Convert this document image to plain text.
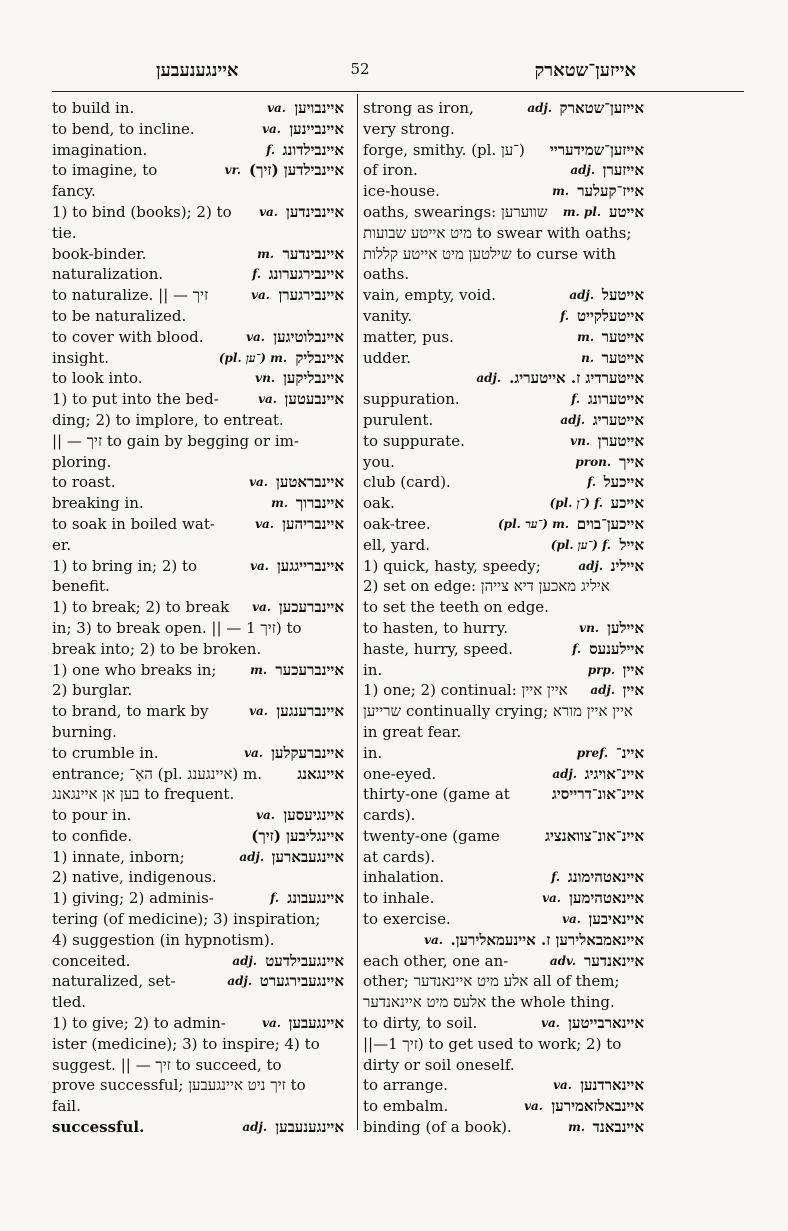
איינגענעבען	52	אייזען־שטארק
to build in.	va. איינבויען
to bend, to incline.	va. איינביינען
imagination.	f. איינבילדונג
to imagine, to	vr. איינבילדען (זיך)
fancy.
1) to bind (books); 2) to va. איינבינדען
tie.
book-binder.	m. איינבינדער
naturalization.	f. איינבירגערונג
to naturalize. || — זיך	va. איינבירגערן
to be naturalized.
to cover with blood.	va. איינבלוטיגען
insight.	(pl. ־ען) m. איינבליק
to look into.	vn. איינבליקען
1) to put into the bed-	va. איינבעטען
ding; 2) to implore, to entreat.
|| — זיך to gain by begging or im-
ploring.
to roast.	va. איינבראטען
breaking in.	m. איינברוך
to soak in boiled wat-	va. איינבריהען
er.
1) to bring in; 2) to	va. איינברייגגען
benefit.
1) to break; 2) to break va. איינברעכען
in; 3) to break open. || — זיך 1) to
break into; 2) to be broken.
1) one who breaks in;	m. איינברעכער
2) burglar.
to brand, to mark by	va. איינברענגען
burning.
to crumble in.	va. איינברעקלען
entrance; האָ־ (pl. איינגענג) m. איינגאנג
בען אן איינגאנג to frequent.
to pour in.	va. איינגיעסען
to confide.	איינגליבען (זיך)
1) innate, inborn;	adj. איינגעבארען
2) native, indigenous.
1) giving; 2) adminis-	f. איינגעבונג
tering (of medicine); 3) inspiration;
4) suggestion (in hypnotism).
conceited.	adj. איינגעבילדעט
naturalized, set-	adj. איינגעבירגערט
tled.
1) to give; 2) to admin-	va. איינגעבען
ister (medicine); 3) to inspire; 4) to
suggest. || — זיך to succeed, to
prove successful; זיך ניט איינגעבען to
fail.
successful.	adj. איינגענעבען
strong as iron,	adj. אייזען־שטארק
very strong.
forge, smithy. (pl. ־ען) אייזען־שמידעריי
of iron.	adj. אייזערן
ice-house.	m. אייז־קעלער
oaths, swearings: שווערען m. pl. אייטע
מיט אייטע שבועות to swear with oaths;
שילטען מיט אייטע קללות to curse with
oaths.
vain, empty, void.	adj. אייטעל
vanity.	f. אייטעלקייט
matter, pus.	m. אייטער
udder.	n. אייטער
adj. אייטערדיג ז. אייטעריג.
suppuration.	f. אייטערונג
purulent.	adj. אייטעריג
to suppurate.	vn. אייטערן
you.	pron. אייך
club (card).	f. אייכעל
oak.	(pl. ־ן) f. אייכע
oak-tree.	(pl. ־ער) m. אייכען־בוים
ell, yard.	(pl. ־ען) f. אייל
1) quick, hasty, speedy;	adj. איילינ
2) set on edge: איליג מאכען דיא צייהן
to set the teeth on edge.
to hasten, to hurry.	vn. איילען
haste, hurry, speed.	f. איילענעס
in.	prp. איין
1) one; 2) continual: איין איין adj. איין
שרייען continually crying; איין איין מורא
in great fear.
in.	pref. איינ־
one-eyed.	adj. איינ־אויגיג
thirty-one (game at	איינ־אונ־דרייסיג
cards).
twenty-one (game	איינ־אונ־צוואנציג
at cards).
inhalation.	f. איינאטהימונג
to inhale.	va. איינאטהימען
to exercise.	va. איינאיבען
va. איינאמבאלירען ז. איינעמאלירען.
each other, one an-	adv. איינאנדער
other; אלע מיט איינאנדער all of them;
אלעס מיט איינאנדער the whole thing.
to dirty, to soil.	va. איינארבייטען
||—זיך 1) to get used to work; 2) to
dirty or soil oneself.
to arrange.	va. איינארדנען
to embalm.	va. איינבאלזאמירען
binding (of a book).	m. איינבאנד
